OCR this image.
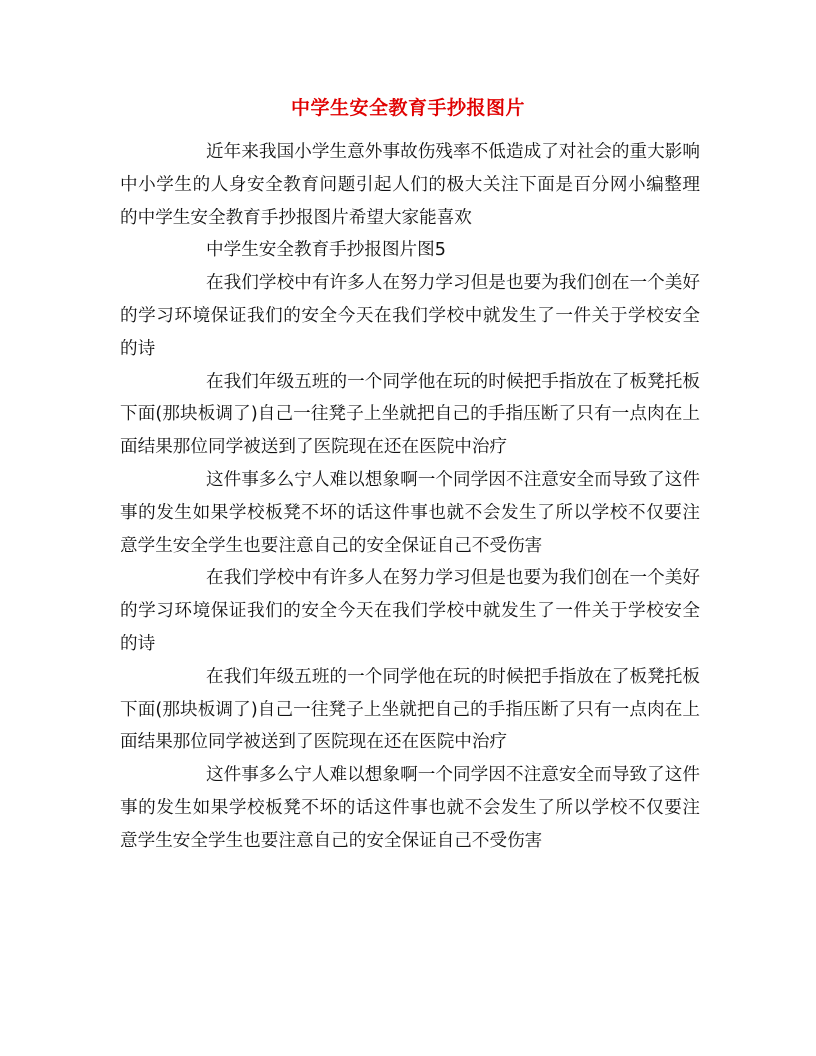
中学生安全教育手抄报图片

近年来我国小学生意外事故伤残率不低造成了对社会的重大影响中小学生的人身安全教育问题引起人们的极大关注下面是百分网小编整理的中学生安全教育手抄报图片希望大家能喜欢

中学生安全教育手抄报图片图5

在我们学校中有许多人在努力学习但是也要为我们创在一个美好的学习环境保证我们的安全今天在我们学校中就发生了一件关于学校安全的诗

在我们年级五班的一个同学他在玩的时候把手指放在了板凳托板下面(那块板调了)自己一往凳子上坐就把自己的手指压断了只有一点肉在上面结果那位同学被送到了医院现在还在医院中治疗

这件事多么宁人难以想象啊一个同学因不注意安全而导致了这件事的发生如果学校板凳不坏的话这件事也就不会发生了所以学校不仅要注意学生安全学生也要注意自己的安全保证自己不受伤害

在我们学校中有许多人在努力学习但是也要为我们创在一个美好的学习环境保证我们的安全今天在我们学校中就发生了一件关于学校安全的诗

在我们年级五班的一个同学他在玩的时候把手指放在了板凳托板下面(那块板调了)自己一往凳子上坐就把自己的手指压断了只有一点肉在上面结果那位同学被送到了医院现在还在医院中治疗

这件事多么宁人难以想象啊一个同学因不注意安全而导致了这件事的发生如果学校板凳不坏的话这件事也就不会发生了所以学校不仅要注意学生安全学生也要注意自己的安全保证自己不受伤害
